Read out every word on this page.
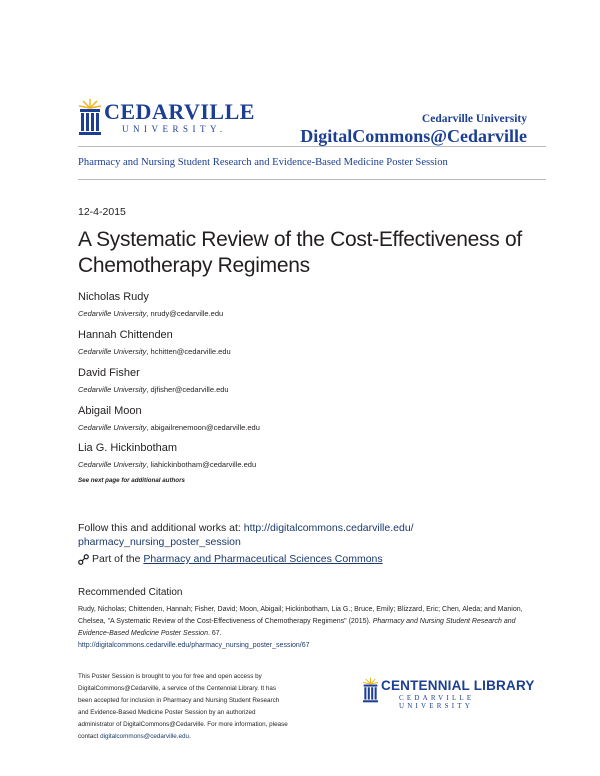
CEDARVILLE
UNIVERSITY.
Cedarville University
DigitalCommons@Cedarville
Pharmacy and Nursing Student Research and Evidence-Based Medicine Poster Session
12-4-2015
A Systematic Review of the Cost-Effectiveness of Chemotherapy Regimens
Nicholas Rudy
Cedarville University, nrudy@cedarville.edu
Hannah Chittenden
Cedarville University, hchitten@cedarville.edu
David Fisher
Cedarville University, djfisher@cedarville.edu
Abigail Moon
Cedarville University, abigailrenemoon@cedarville.edu
Lia G. Hickinbotham
Cedarville University, liahickinbotham@cedarville.edu
See next page for additional authors
Follow this and additional works at: http://digitalcommons.cedarville.edu/
pharmacy_nursing_poster_session
Part of the
Pharmacy and Pharmaceutical Sciences Commons
Recommended Citation
Rudy, Nicholas; Chittenden, Hannah; Fisher, David; Moon, Abigail; Hickinbotham, Lia G.; Bruce, Emily; Blizzard, Eric; Chen, Aleda; and Manion, Chelsea, "A Systematic Review of the Cost-Effectiveness of Chemotherapy Regimens" (2015). Pharmacy and Nursing Student Research and Evidence-Based Medicine Poster Session. 67.
http://digitalcommons.cedarville.edu/pharmacy_nursing_poster_session/67
This Poster Session is brought to you for free and open access by DigitalCommons@Cedarville, a service of the Centennial Library. It has been accepted for inclusion in Pharmacy and Nursing Student Research and Evidence-Based Medicine Poster Session by an authorized administrator of DigitalCommons@Cedarville. For more information, please contact digitalcommons@cedarville.edu.
CENTENNIAL LIBRARY
CEDARVILLE UNIVERSITY
